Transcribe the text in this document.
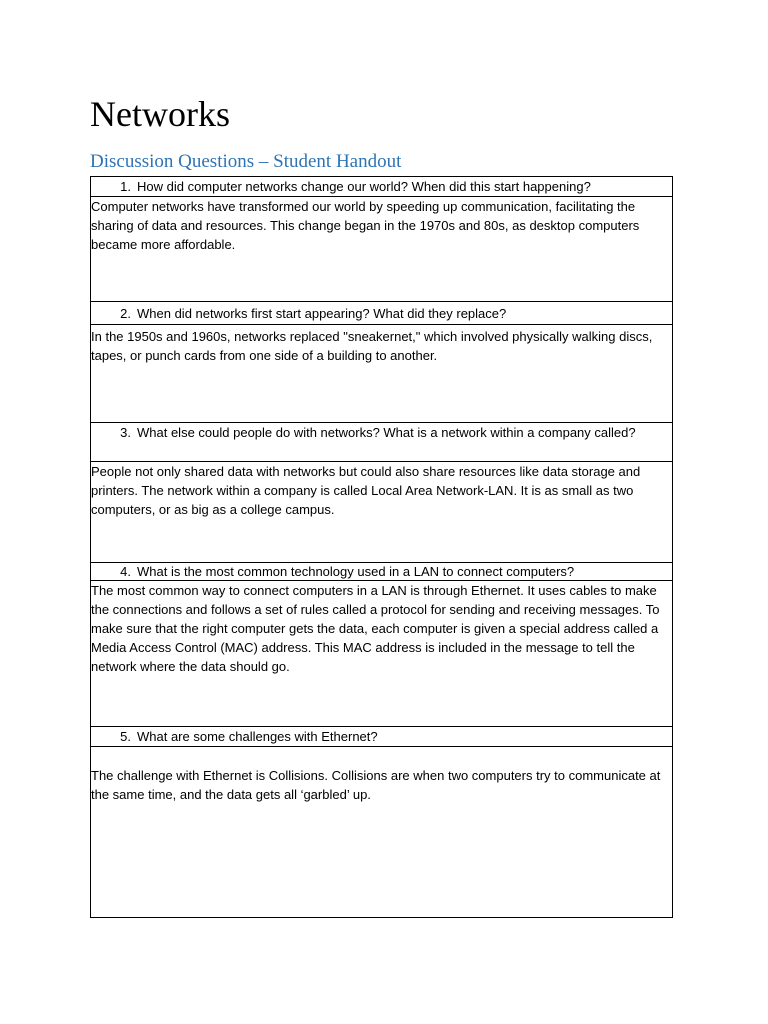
Networks
Discussion Questions – Student Handout
1. How did computer networks change our world? When did this start happening?

Computer networks have transformed our world by speeding up communication, facilitating the sharing of data and resources. This change began in the 1970s and 80s, as desktop computers became more affordable.

2. When did networks first start appearing? What did they replace?

In the 1950s and 1960s, networks replaced "sneakernet," which involved physically walking discs, tapes, or punch cards from one side of a building to another.

3. What else could people do with networks? What is a network within a company called?

People not only shared data with networks but could also share resources like data storage and printers. The network within a company is called Local Area Network-LAN. It is as small as two computers, or as big as a college campus.

4. What is the most common technology used in a LAN to connect computers?

The most common way to connect computers in a LAN is through Ethernet. It uses cables to make the connections and follows a set of rules called a protocol for sending and receiving messages. To make sure that the right computer gets the data, each computer is given a special address called a Media Access Control (MAC) address. This MAC address is included in the message to tell the network where the data should go.

5. What are some challenges with Ethernet?

The challenge with Ethernet is Collisions. Collisions are when two computers try to communicate at the same time, and the data gets all ‘garbled’ up.
